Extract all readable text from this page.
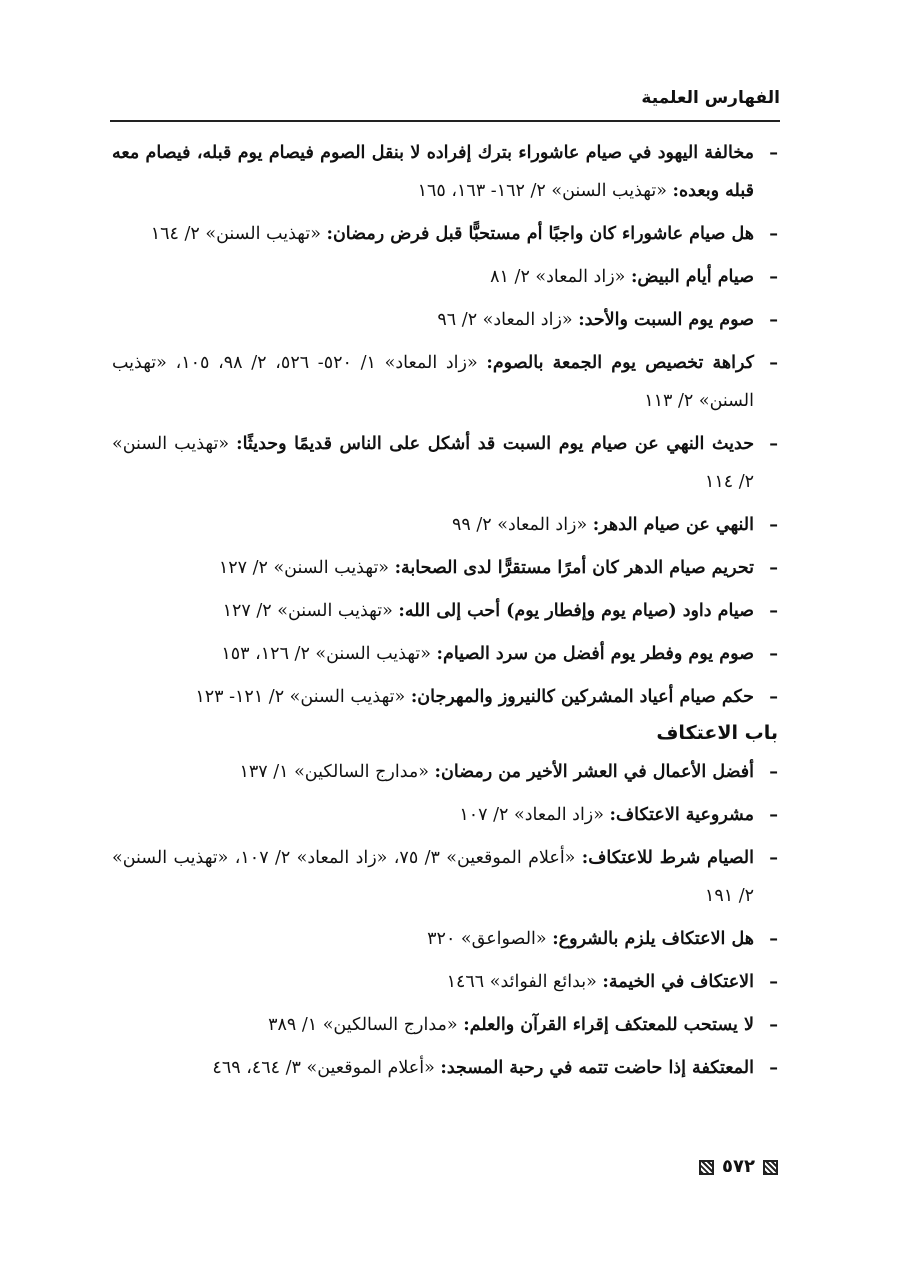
الفهارس العلمية
–
مخالفة اليهود في صيام عاشوراء بترك إفراده لا بنقل الصوم فيصام يوم قبله، فيصام معه قبله وبعده: «تهذيب السنن» ٢/ ١٦٢- ١٦٣، ١٦٥
–
هل صيام عاشوراء كان واجبًا أم مستحبًّا قبل فرض رمضان: «تهذيب السنن» ٢/ ١٦٤
–
صيام أيام البيض: «زاد المعاد» ٢/ ٨١
–
صوم يوم السبت والأحد: «زاد المعاد» ٢/ ٩٦
–
كراهة تخصيص يوم الجمعة بالصوم: «زاد المعاد» ١/ ٥٢٠- ٥٢٦، ٢/ ٩٨، ١٠٥، «تهذيب السنن» ٢/ ١١٣
–
حديث النهي عن صيام يوم السبت قد أشكل على الناس قديمًا وحديثًا: «تهذيب السنن» ٢/ ١١٤
–
النهي عن صيام الدهر: «زاد المعاد» ٢/ ٩٩
–
تحريم صيام الدهر كان أمرًا مستقرًّا لدى الصحابة: «تهذيب السنن» ٢/ ١٢٧
–
صيام داود (صيام يوم وإفطار يوم) أحب إلى الله: «تهذيب السنن» ٢/ ١٢٧
–
صوم يوم وفطر يوم أفضل من سرد الصيام: «تهذيب السنن» ٢/ ١٢٦، ١٥٣
–
حكم صيام أعياد المشركين كالنيروز والمهرجان: «تهذيب السنن» ٢/ ١٢١- ١٢٣
باب الاعتكاف
–
أفضل الأعمال في العشر الأخير من رمضان: «مدارج السالكين» ١/ ١٣٧
–
مشروعية الاعتكاف: «زاد المعاد» ٢/ ١٠٧
–
الصيام شرط للاعتكاف: «أعلام الموقعين» ٣/ ٧٥، «زاد المعاد» ٢/ ١٠٧، «تهذيب السنن» ٢/ ١٩١
–
هل الاعتكاف يلزم بالشروع: «الصواعق» ٣٢٠
–
الاعتكاف في الخيمة: «بدائع الفوائد» ١٤٦٦
–
لا يستحب للمعتكف إقراء القرآن والعلم: «مدارج السالكين» ١/ ٣٨٩
–
المعتكفة إذا حاضت تتمه في رحبة المسجد: «أعلام الموقعين» ٣/ ٤٦٤، ٤٦٩
٥٧٢
